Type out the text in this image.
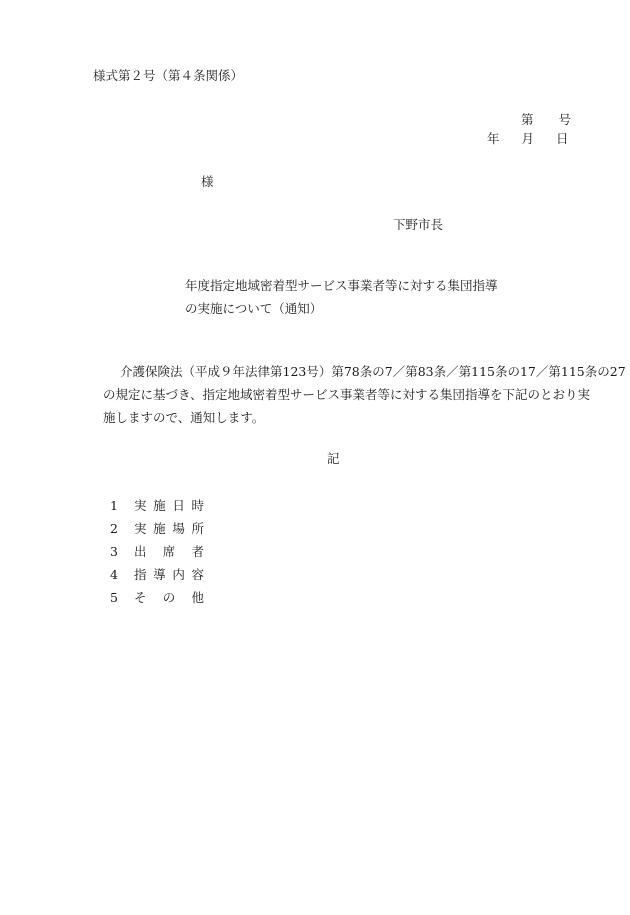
様式第２号（第４条関係）
第 号
年 月 日
様
下野市長
年度指定地域密着型サービス事業者等に対する集団指導
の実施について（通知）
介護保険法（平成９年法律第123号）第78条の7／第83条／第115条の17／第115条の27
の規定に基づき、指定地域密着型サービス事業者等に対する集団指導を下記のとおり実
施しますので、通知します。
記
1	実 施 日 時
2	実 施 場 所
3	出 席 者
4	指 導 内 容
5	そ の 他
